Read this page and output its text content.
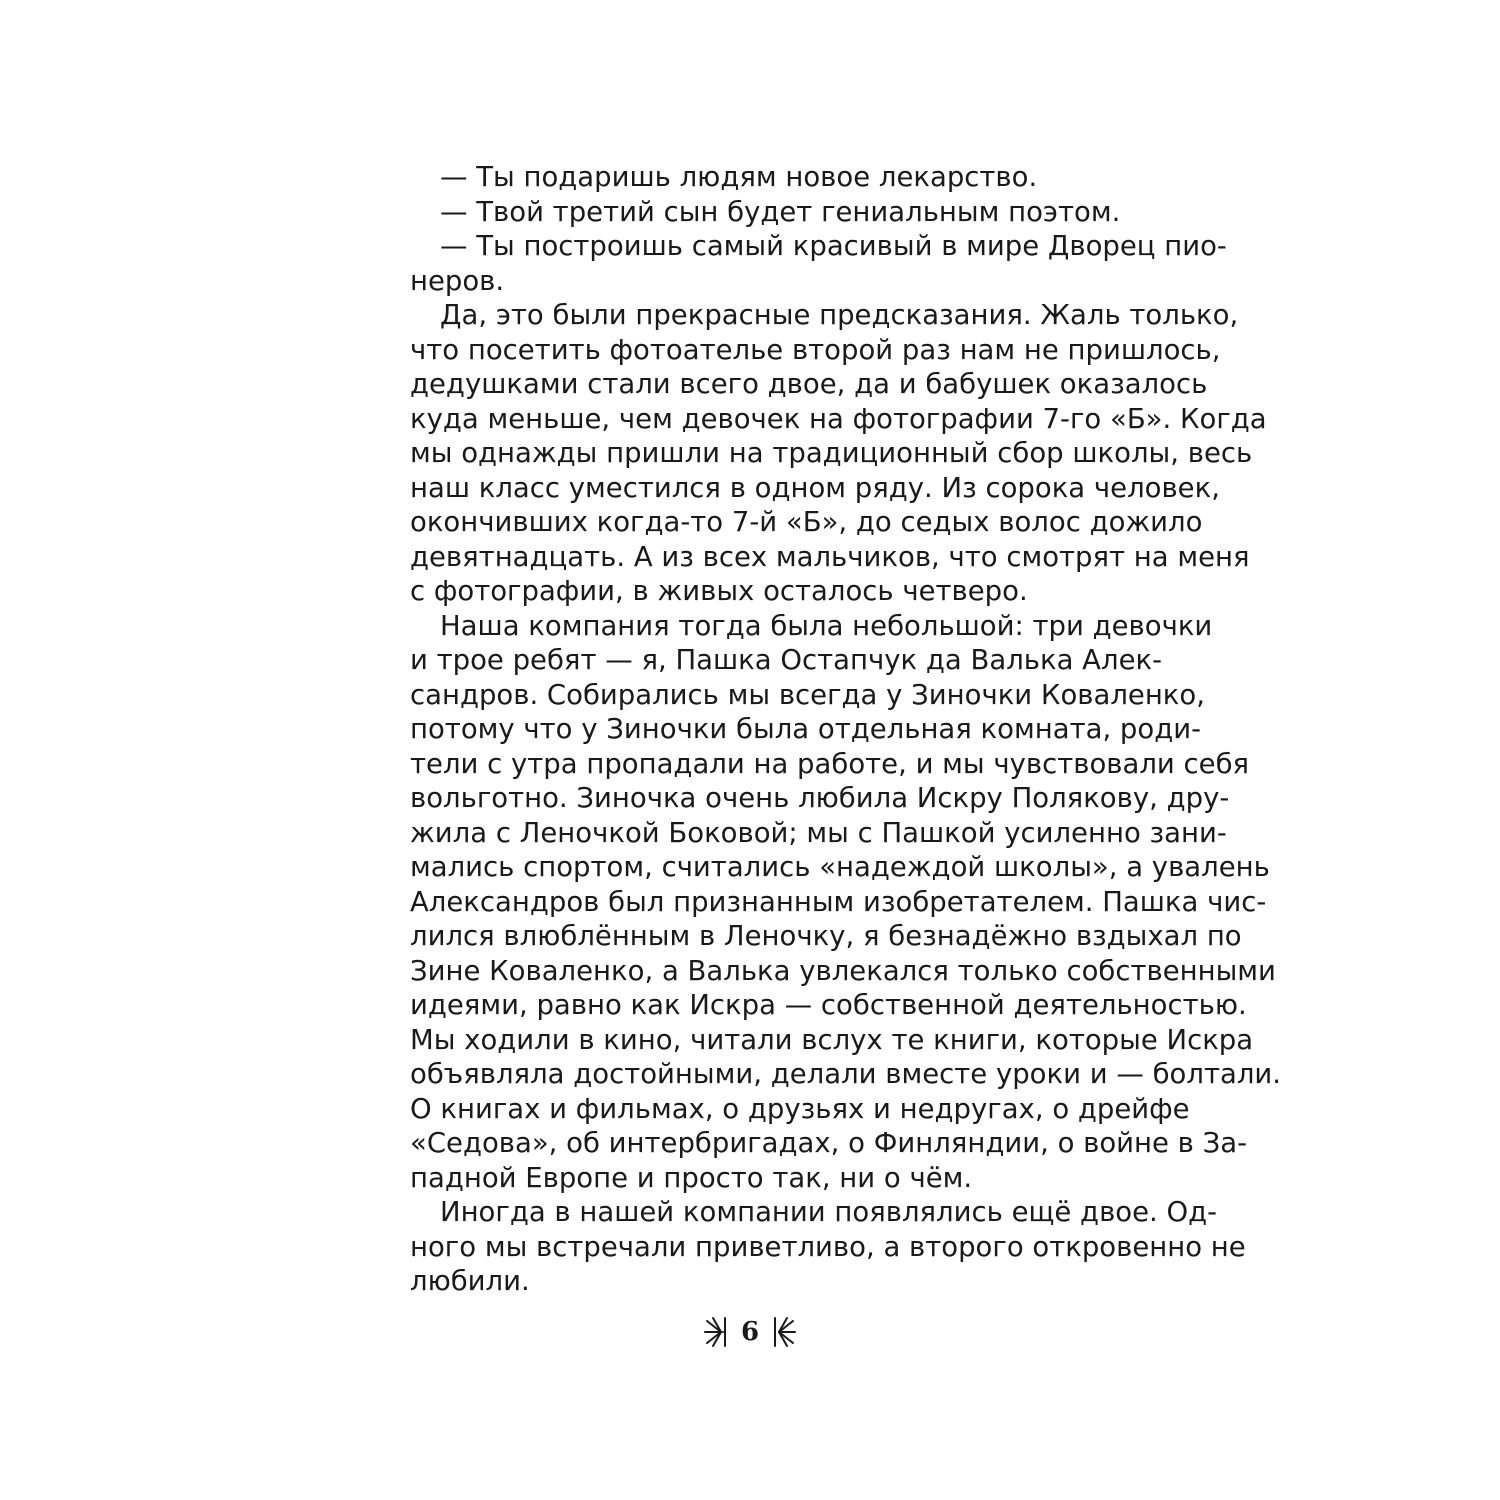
— Ты подаришь людям новое лекарство.

— Твой третий сын будет гениальным поэтом.

— Ты построишь самый красивый в мире Дворец пио-
неров.

Да, это были прекрасные предсказания. Жаль только,
что посетить фотоателье второй раз нам не пришлось,
дедушками стали всего двое, да и бабушек оказалось
куда меньше, чем девочек на фотографии 7-го «Б». Когда
мы однажды пришли на традиционный сбор школы, весь
наш класс уместился в одном ряду. Из сорока человек,
окончивших когда-то 7-й «Б», до седых волос дожило
девятнадцать. А из всех мальчиков, что смотрят на меня
с фотографии, в живых осталось четверо.

Наша компания тогда была небольшой: три девочки
и трое ребят — я, Пашка Остапчук да Валька Алек-
сандров. Собирались мы всегда у Зиночки Коваленко,
потому что у Зиночки была отдельная комната, роди-
тели с утра пропадали на работе, и мы чувствовали себя
вольготно. Зиночка очень любила Искру Полякову, дру-
жила с Леночкой Боковой; мы с Пашкой усиленно зани-
мались спортом, считались «надеждой школы», а увалень
Александров был признанным изобретателем. Пашка чис-
лился влюблённым в Леночку, я безнадёжно вздыхал по
Зине Коваленко, а Валька увлекался только собственными
идеями, равно как Искра — собственной деятельностью.
Мы ходили в кино, читали вслух те книги, которые Искра
объявляла достойными, делали вместе уроки и — болтали.
О книгах и фильмах, о друзьях и недругах, о дрейфе
«Седова», об интербригадах, о Финляндии, о войне в За-
падной Европе и просто так, ни о чём.

Иногда в нашей компании появлялись ещё двое. Од-
ного мы встречали приветливо, а второго откровенно не
любили.

6
